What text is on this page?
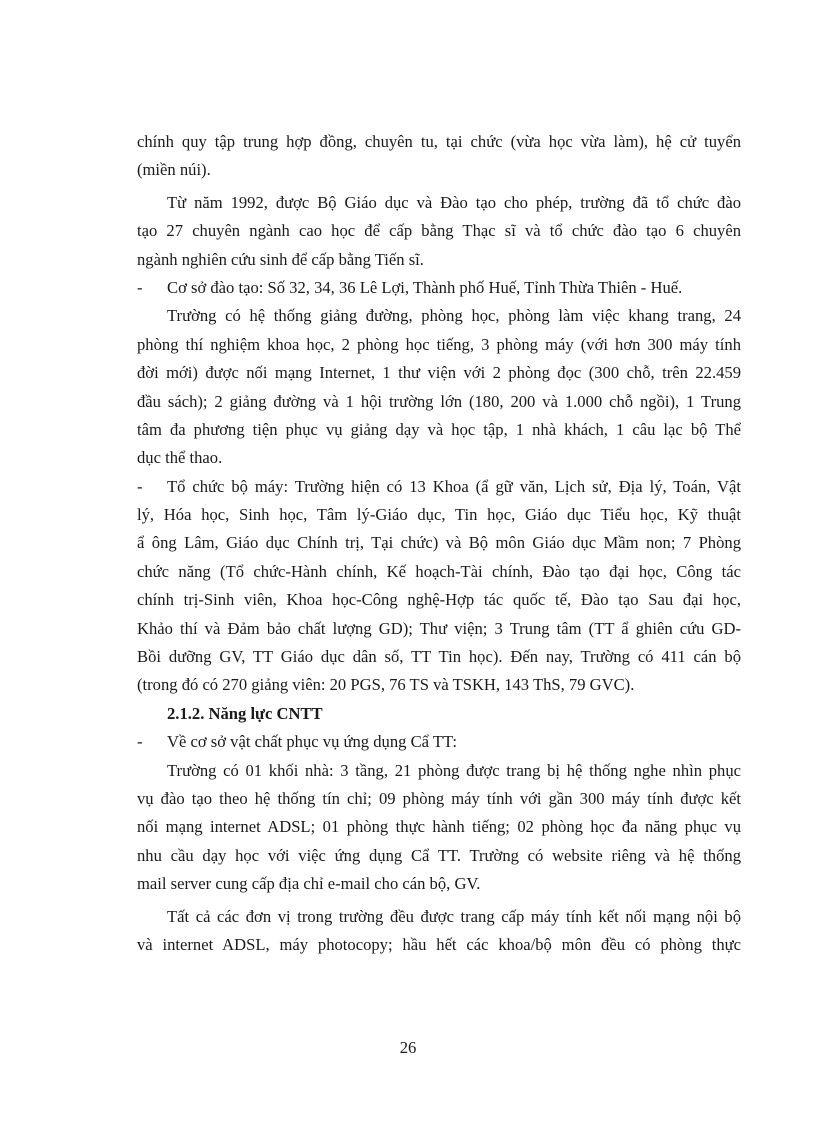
chính quy tập trung hợp đồng, chuyên tu, tại chức (vừa học vừa làm), hệ cử tuyển
(miền núi).
Từ năm 1992, được Bộ Giáo dục và Đào tạo cho phép, trường đã tổ chức đào
tạo 27 chuyên ngành cao học để cấp bằng Thạc sĩ và tổ chức đào tạo 6 chuyên
ngành nghiên cứu sinh để cấp bằng Tiến sĩ.
-	Cơ sở đào tạo: Số 32, 34, 36 Lê Lợi, Thành phố Huế, Tỉnh Thừa Thiên - Huế.
Trường có hệ thống giảng đường, phòng học, phòng làm việc khang trang, 24
phòng thí nghiệm khoa học, 2 phòng học tiếng, 3 phòng máy (với hơn 300 máy tính
đời mới) được nối mạng Internet, 1 thư viện với 2 phòng đọc (300 chỗ, trên 22.459
đầu sách); 2 giảng đường và 1 hội trường lớn (180, 200 và 1.000 chỗ ngồi), 1 Trung
tâm đa phương tiện phục vụ giảng dạy và học tập, 1 nhà khách, 1 câu lạc bộ Thể
dục thể thao.
-	Tổ chức bộ máy: Trường hiện có 13 Khoa (ẩ gữ văn, Lịch sử, Địa lý, Toán, Vật
lý, Hóa học, Sinh học, Tâm lý-Giáo dục, Tin học, Giáo dục Tiểu học, Kỹ thuật
ẩ ông Lâm, Giáo dục Chính trị, Tại chức) và Bộ môn Giáo dục Mầm non; 7 Phòng
chức năng (Tổ chức-Hành chính, Kế hoạch-Tài chính, Đào tạo đại học, Công tác
chính trị-Sinh viên, Khoa học-Công nghệ-Hợp tác quốc tế, Đào tạo Sau đại học,
Khảo thí và Đảm bảo chất lượng GD); Thư viện; 3 Trung tâm (TT ẩ ghiên cứu GD-
Bồi dưỡng GV, TT Giáo dục dân số, TT Tin học). Đến nay, Trường có 411 cán bộ
(trong đó có 270 giảng viên: 20 PGS, 76 TS và TSKH, 143 ThS, 79 GVC).
2.1.2. Năng lực CNTT
-	Về cơ sở vật chất phục vụ ứng dụng Cẩ TT:
Trường có 01 khối nhà: 3 tầng, 21 phòng được trang bị hệ thống nghe nhìn phục
vụ đào tạo theo hệ thống tín chỉ; 09 phòng máy tính với gần 300 máy tính được kết
nối mạng internet ADSL; 01 phòng thực hành tiếng; 02 phòng học đa năng phục vụ
nhu cầu dạy học với việc ứng dụng Cẩ TT. Trường có website riêng và hệ thống
mail server cung cấp địa chỉ e-mail cho cán bộ, GV.
Tất cả các đơn vị trong trường đều được trang cấp máy tính kết nối mạng nội bộ
và internet ADSL, máy photocopy; hầu hết các khoa/bộ môn đều có phòng thực
26
